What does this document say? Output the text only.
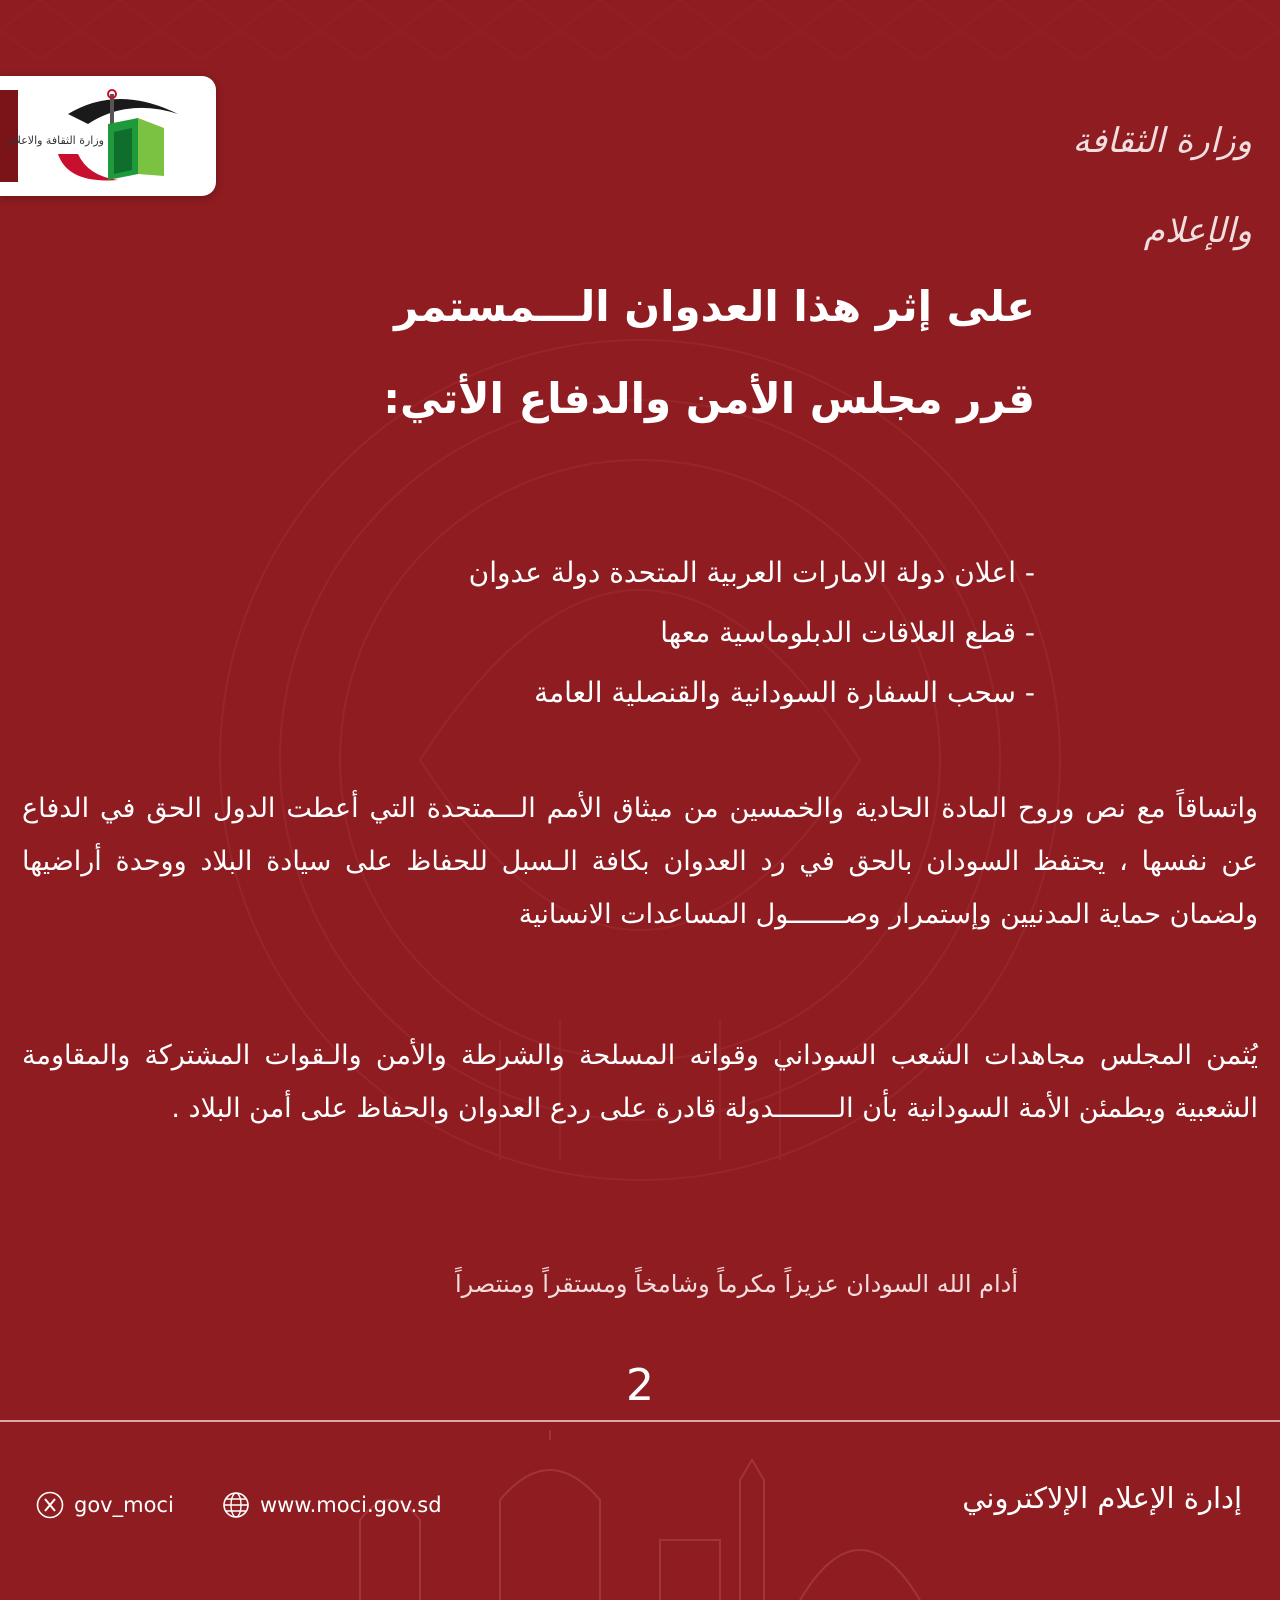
وزارة الثقافة والاعلام	وزارة الثقافة والإعلام
على إثر هذا العدوان الـــمستمر
قرر مجلس الأمن والدفاع الأتي:
- اعلان دولة الامارات العربية المتحدة دولة عدوان
- قطع العلاقات الدبلوماسية معها
- سحب السفارة السودانية والقنصلية العامة
واتساقاً مع نص وروح المادة الحادية والخمسين من ميثاق الأمم الـــمتحدة التي أعطت الدول الحق في الدفاع عن نفسها ، يحتفظ السودان بالحق في رد العدوان بكافة الـسبل للحفاظ على سيادة البلاد ووحدة أراضيها ولضمان حماية المدنيين وإستمرار وصـــــــول المساعدات الانسانية
يُثمن المجلس مجاهدات الشعب السوداني وقواته المسلحة والشرطة والأمن والـقوات المشتركة والمقاومة الشعبية ويطمئن الأمة السودانية بأن الــــــــدولة قادرة على ردع العدوان والحفاظ على أمن البلاد .
أدام الله السودان عزيزاً مكرماً وشامخاً ومستقراً ومنتصراً
2
gov_moci	www.moci.gov.sd	إدارة الإعلام الإلاكتروني
